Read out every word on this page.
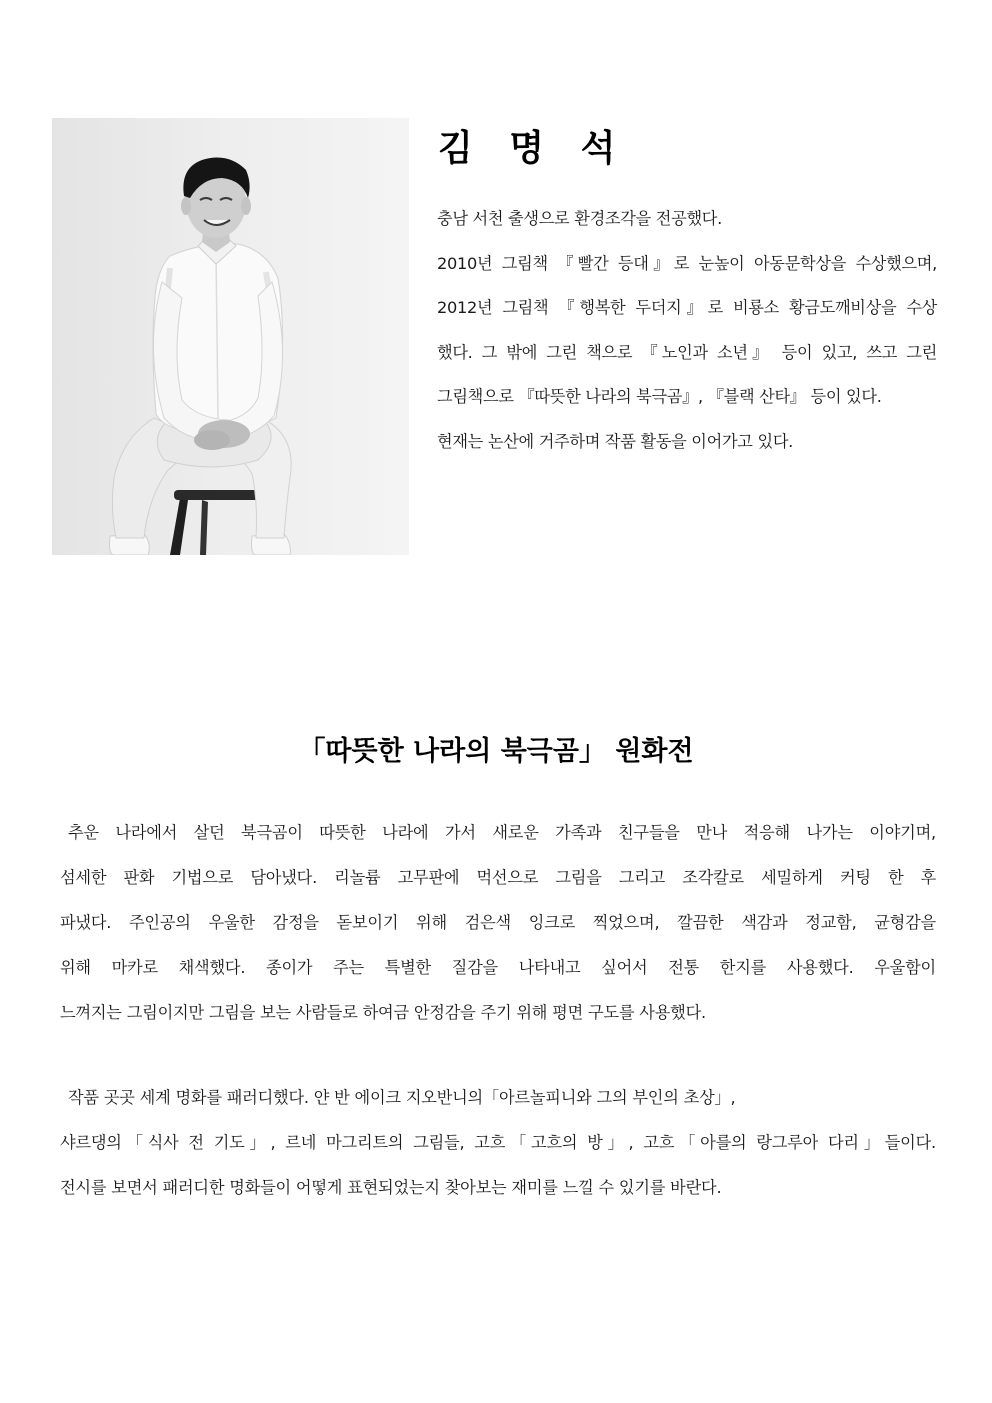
김 명 석
충남 서천 출생으로 환경조각을 전공했다.
2010년 그림책 『빨간 등대』로 눈높이 아동문학상을 수상했으며,
2012년 그림책 『행복한 두더지』로 비룡소 황금도깨비상을 수상
했다. 그 밖에 그린 책으로 『노인과 소년』 등이 있고, 쓰고 그린
그림책으로 『따뜻한 나라의 북극곰』, 『블랙 산타』 등이 있다.
현재는 논산에 거주하며 작품 활동을 이어가고 있다.
「따뜻한 나라의 북극곰」 원화전
추운 나라에서 살던 북극곰이 따뜻한 나라에 가서 새로운 가족과 친구들을 만나 적응해 나가는 이야기며,
섬세한 판화 기법으로 담아냈다. 리놀륨 고무판에 먹선으로 그림을 그리고 조각칼로 세밀하게 커팅 한 후
파냈다. 주인공의 우울한 감정을 돋보이기 위해 검은색 잉크로 찍었으며, 깔끔한 색감과 정교함, 균형감을
위해 마카로 채색했다. 종이가 주는 특별한 질감을 나타내고 싶어서 전통 한지를 사용했다. 우울함이
느껴지는 그림이지만 그림을 보는 사람들로 하여금 안정감을 주기 위해 평면 구도를 사용했다.
작품 곳곳 세계 명화를 패러디했다. 얀 반 에이크 지오반니의「아르놀피니와 그의 부인의 초상」,
샤르댕의「식사 전 기도」, 르네 마그리트의 그림들, 고흐「고흐의 방」, 고흐「아를의 랑그루아 다리」들이다.
전시를 보면서 패러디한 명화들이 어떻게 표현되었는지 찾아보는 재미를 느낄 수 있기를 바란다.
